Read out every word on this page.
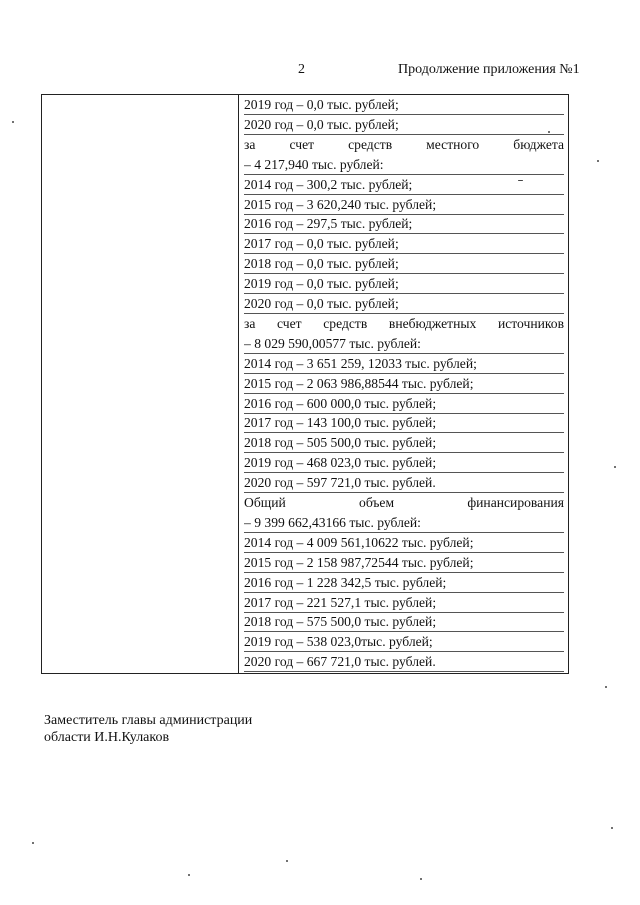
2	Продолжение приложения №1
2019 год – 0,0 тыс. рублей;
2020 год – 0,0 тыс. рублей;
за счет средств местного бюджета
– 4 217,940 тыс. рублей:
2014 год – 300,2 тыс. рублей;
2015 год – 3 620,240 тыс. рублей;
2016 год – 297,5 тыс. рублей;
2017 год – 0,0 тыс. рублей;
2018 год – 0,0 тыс. рублей;
2019 год – 0,0 тыс. рублей;
2020 год – 0,0 тыс. рублей;
за счет средств внебюджетных источников
– 8 029 590,00577 тыс. рублей:
2014 год – 3 651 259, 12033 тыс. рублей;
2015 год – 2 063 986,88544 тыс. рублей;
2016 год – 600 000,0 тыс. рублей;
2017 год – 143 100,0 тыс. рублей;
2018 год – 505 500,0 тыс. рублей;
2019 год – 468 023,0 тыс. рублей;
2020 год – 597 721,0 тыс. рублей.
Общий объем финансирования
– 9 399 662,43166 тыс. рублей:
2014 год – 4 009 561,10622 тыс. рублей;
2015 год – 2 158 987,72544 тыс. рублей;
2016 год – 1 228 342,5 тыс. рублей;
2017 год – 221 527,1 тыс. рублей;
2018 год – 575 500,0 тыс. рублей;
2019 год – 538 023,0тыс. рублей;
2020 год – 667 721,0 тыс. рублей.
Заместитель главы администрации
области И.Н.Кулаков
